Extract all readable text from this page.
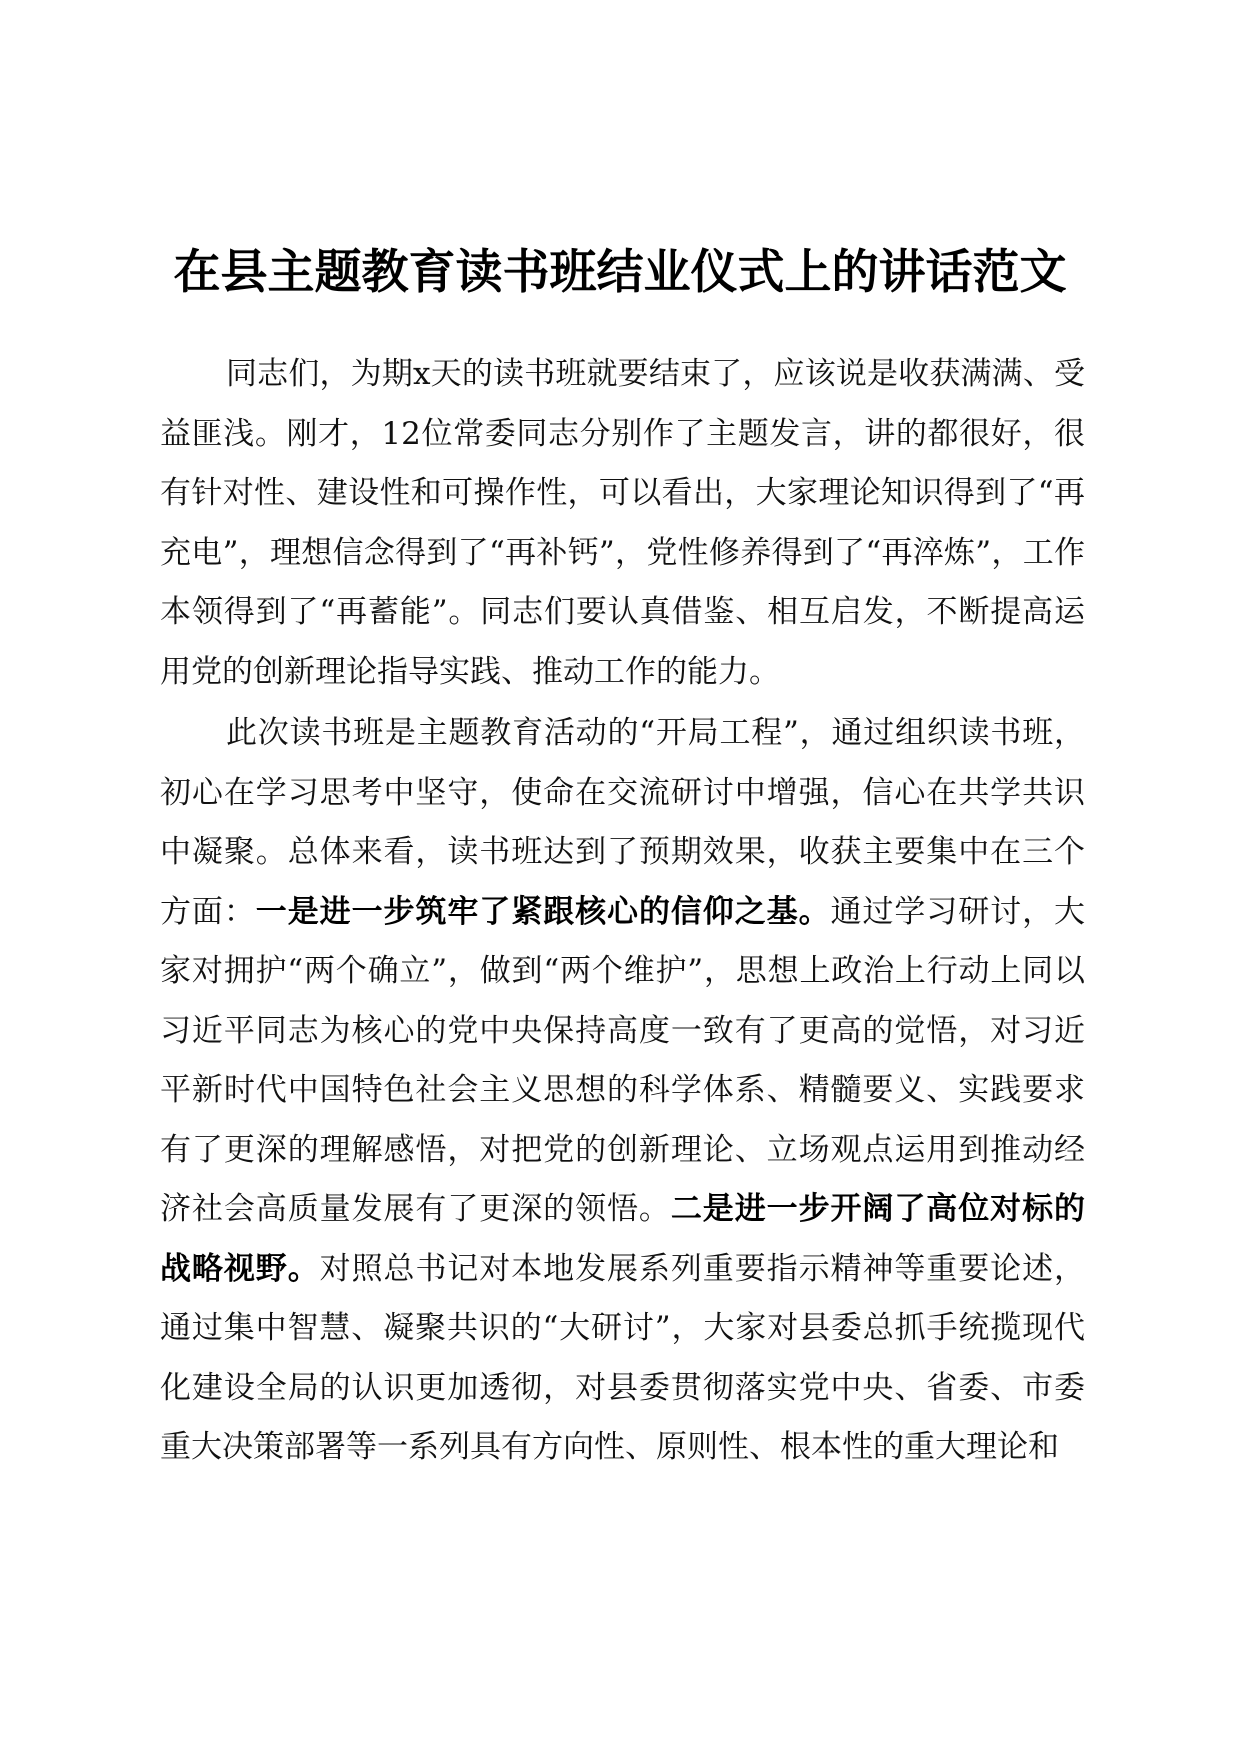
在县主题教育读书班结业仪式上的讲话范文

同志们，为期x天的读书班就要结束了，应该说是收获满满、受益匪浅。刚才，12位常委同志分别作了主题发言，讲的都很好，很有针对性、建设性和可操作性，可以看出，大家理论知识得到了“再充电”，理想信念得到了“再补钙”，党性修养得到了“再淬炼”，工作本领得到了“再蓄能”。同志们要认真借鉴、相互启发，不断提高运用党的创新理论指导实践、推动工作的能力。

此次读书班是主题教育活动的“开局工程”，通过组织读书班，初心在学习思考中坚守，使命在交流研讨中增强，信心在共学共识中凝聚。总体来看，读书班达到了预期效果，收获主要集中在三个方面：一是进一步筑牢了紧跟核心的信仰之基。通过学习研讨，大家对拥护“两个确立”，做到“两个维护”，思想上政治上行动上同以习近平同志为核心的党中央保持高度一致有了更高的觉悟，对习近平新时代中国特色社会主义思想的科学体系、精髓要义、实践要求有了更深的理解感悟，对把党的创新理论、立场观点运用到推动经济社会高质量发展有了更深的领悟。二是进一步开阔了高位对标的战略视野。对照总书记对本地发展系列重要指示精神等重要论述，通过集中智慧、凝聚共识的“大研讨”，大家对县委总抓手统揽现代化建设全局的认识更加透彻，对县委贯彻落实党中央、省委、市委重大决策部署等一系列具有方向性、原则性、根本性的重大理论和
